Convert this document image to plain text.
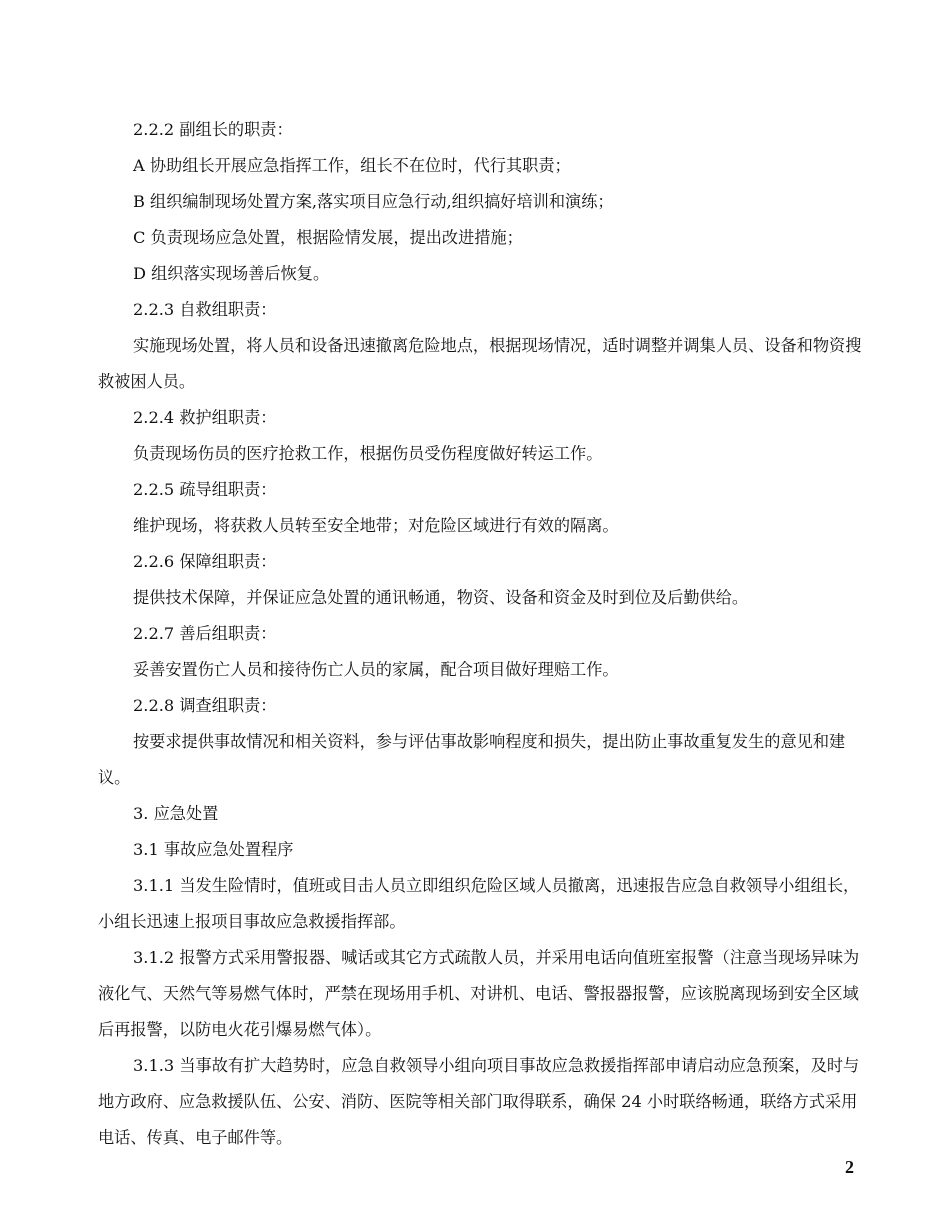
2.2.2 副组长的职责：

A 协助组长开展应急指挥工作，组长不在位时，代行其职责；

B 组织编制现场处置方案,落实项目应急行动,组织搞好培训和演练；

C 负责现场应急处置，根据险情发展，提出改进措施；

D 组织落实现场善后恢复。

2.2.3 自救组职责：

实施现场处置，将人员和设备迅速撤离危险地点，根据现场情况，适时调整并调集人员、设备和物资搜救被困人员。

2.2.4 救护组职责：

负责现场伤员的医疗抢救工作，根据伤员受伤程度做好转运工作。

2.2.5 疏导组职责：

维护现场，将获救人员转至安全地带；对危险区域进行有效的隔离。

2.2.6 保障组职责：

提供技术保障，并保证应急处置的通讯畅通，物资、设备和资金及时到位及后勤供给。

2.2.7 善后组职责：

妥善安置伤亡人员和接待伤亡人员的家属，配合项目做好理赔工作。

2.2.8 调查组职责：

按要求提供事故情况和相关资料，参与评估事故影响程度和损失，提出防止事故重复发生的意见和建议。

3. 应急处置

3.1 事故应急处置程序

3.1.1 当发生险情时，值班或目击人员立即组织危险区域人员撤离，迅速报告应急自救领导小组组长，小组长迅速上报项目事故应急救援指挥部。

3.1.2 报警方式采用警报器、喊话或其它方式疏散人员，并采用电话向值班室报警（注意当现场异味为液化气、天然气等易燃气体时，严禁在现场用手机、对讲机、电话、警报器报警，应该脱离现场到安全区域后再报警，以防电火花引爆易燃气体）。

3.1.3 当事故有扩大趋势时，应急自救领导小组向项目事故应急救援指挥部申请启动应急预案，及时与地方政府、应急救援队伍、公安、消防、医院等相关部门取得联系，确保 24 小时联络畅通，联络方式采用电话、传真、电子邮件等。

2
